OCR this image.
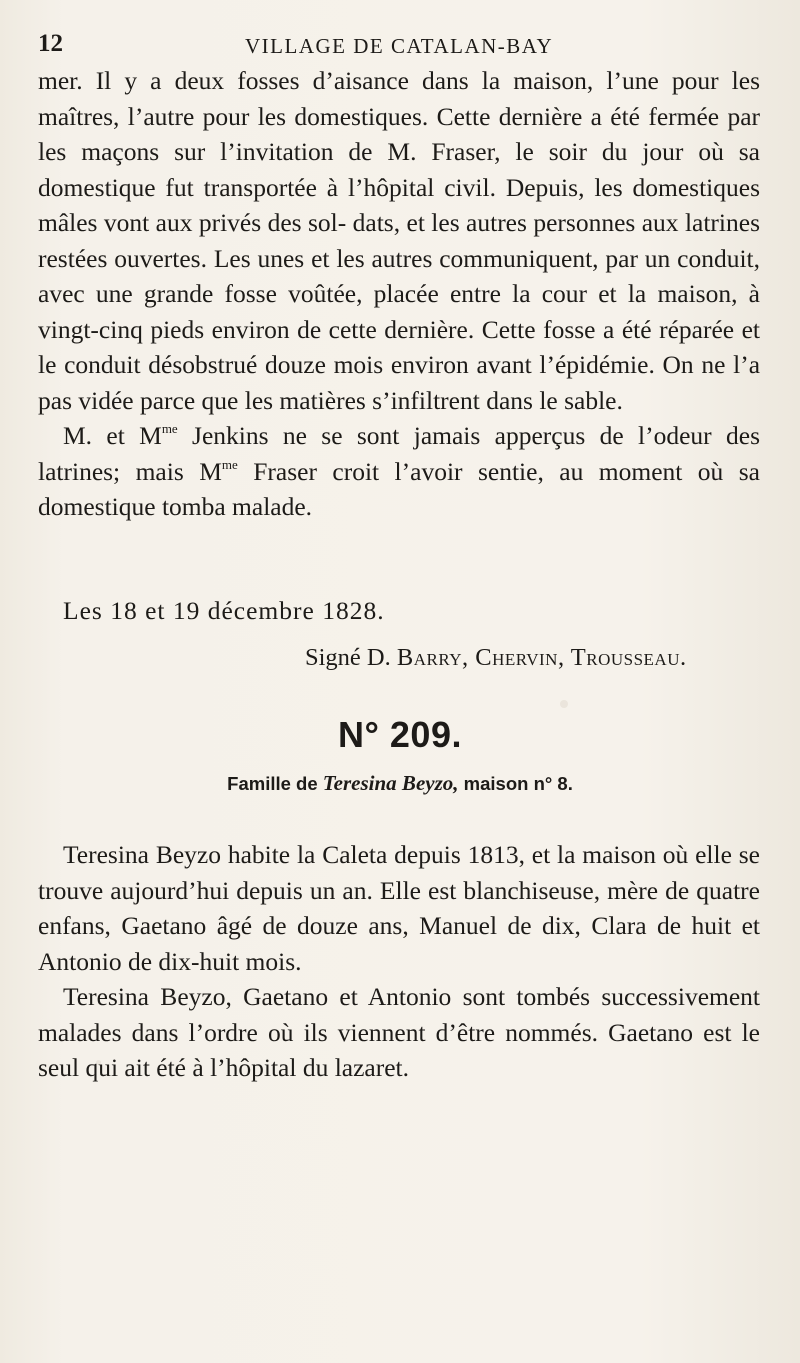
12	VILLAGE DE CATALAN-BAY

mer. Il y a deux fosses d’aisance dans la maison, l’une pour les maîtres, l’autre pour les domestiques. Cette dernière a été fermée par les maçons sur l’invitation de M. Fraser, le soir du jour où sa domestique fut transportée à l’hôpital civil. Depuis, les domestiques mâles vont aux privés des sol- dats, et les autres personnes aux latrines restées ouvertes. Les unes et les autres communiquent, par un conduit, avec une grande fosse voûtée, placée entre la cour et la maison, à vingt-cinq pieds environ de cette dernière. Cette fosse a été réparée et le conduit désobstrué douze mois environ avant l’épidémie. On ne l’a pas vidée parce que les matières s’infiltrent dans le sable.

M. et $M^{me}$ Jenkins ne se sont jamais apperçus de l’odeur des latrines; mais $M^{me}$ Fraser croit l’avoir sentie, au moment où sa domestique tomba malade.

Les 18 et 19 décembre 1828.
Signé D. Barry, Chervin, Trousseau.
N° 209.
Famille de Teresina Beyzo, maison n° 8.

Teresina Beyzo habite la Caleta depuis 1813, et la maison où elle se trouve aujourd’hui depuis un an. Elle est blanchiseuse, mère de quatre enfans, Gaetano âgé de douze ans, Manuel de dix, Clara de huit et Antonio de dix-huit mois.

Teresina Beyzo, Gaetano et Antonio sont tombés successivement malades dans l’ordre où ils viennent d’être nommés. Gaetano est le seul qui ait été à l’hôpital du lazaret.
